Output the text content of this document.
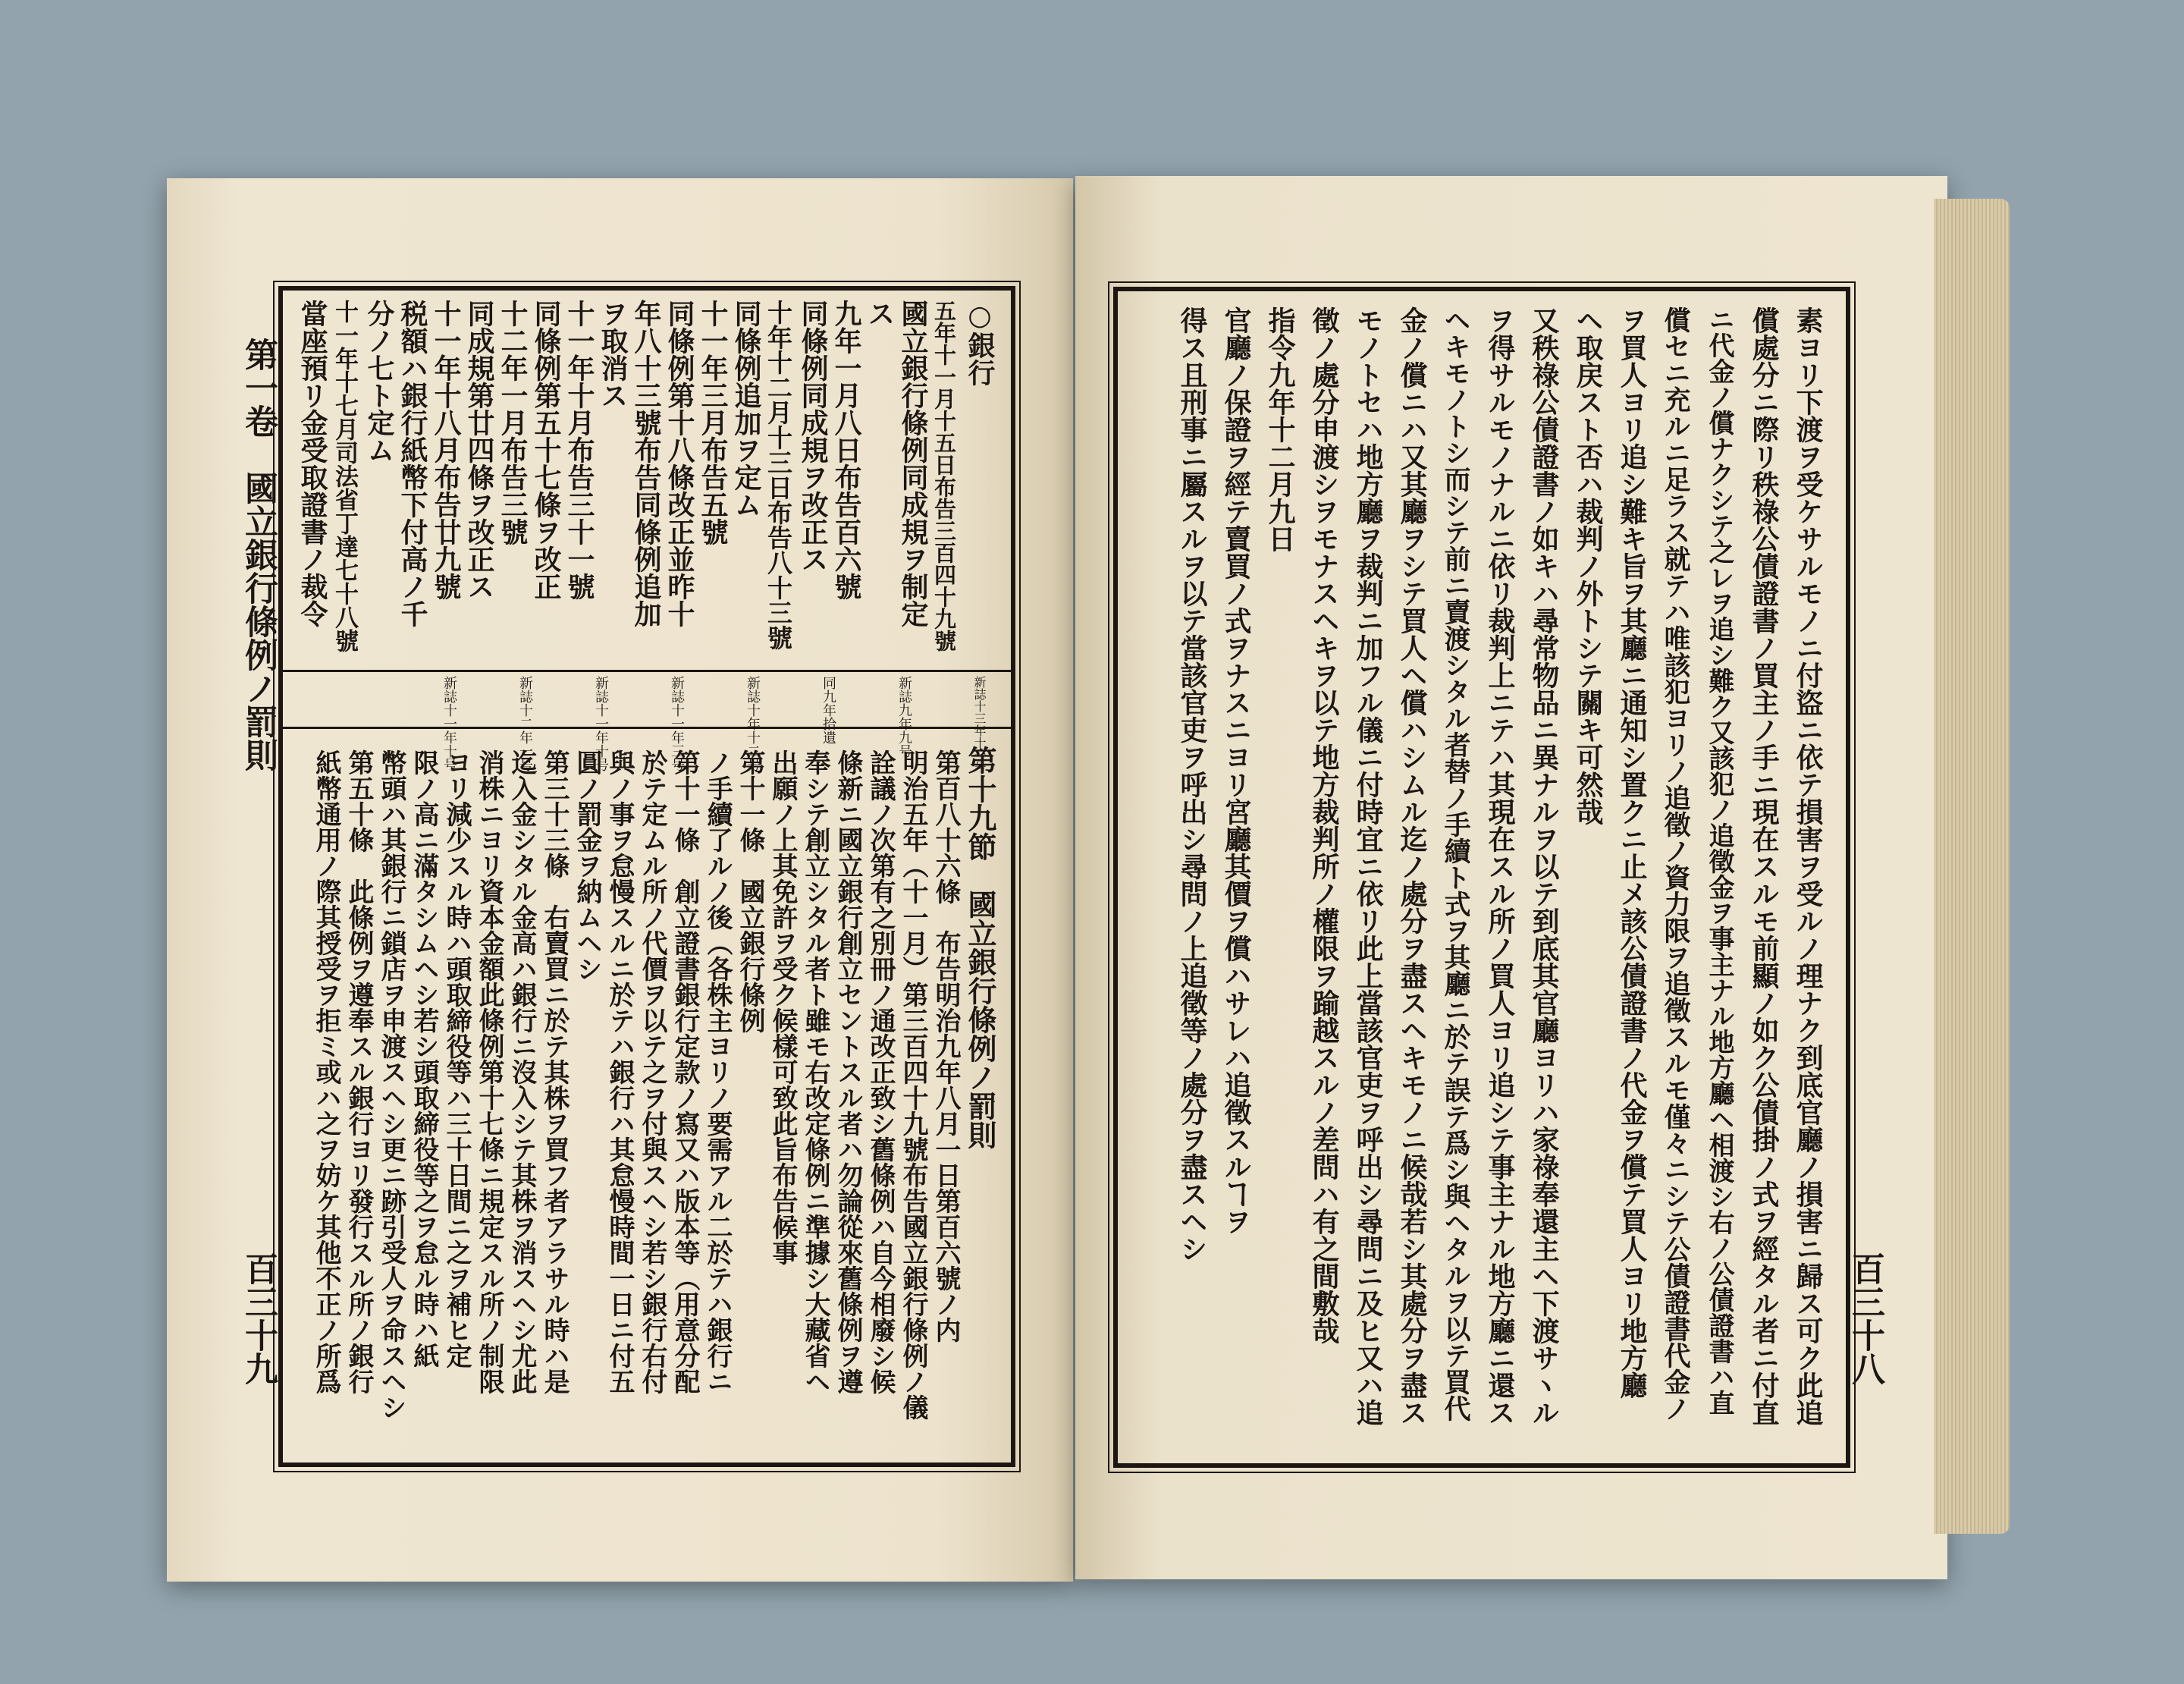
第一卷　國立銀行條例ノ罰則
百三十九
○銀行
五年十一月十五日布告三百四十九號
國立銀行條例同成規ヲ制定
ス
九年一月八日布告百六號
同條例同成規ヲ改正ス
十年十二月十三日布告八十三號
同條例追加ヲ定ム
十一年三月布告五號
同條例第十八條改正並昨十
年八十三號布告同條例追加
ヲ取消ス
十一年十月布告三十一號
同條例第五十七條ヲ改正
十二年一月布告三號
同成規第廿四條ヲ改正ス
十一年十八月布告廿九號
税額ハ銀行紙幣下付高ノ千
分ノ七ト定ム
十一年十七月司法省丁達七十八號
當座預リ金受取證書ノ裁令
新誌十三年十一号
新誌九年九号
同九年拾遺
新誌十年十二号
新誌十一年三号
新誌十一年十号
新誌十二年一号
新誌十一年十号
第十九節　國立銀行條例ノ罰則
第百八十六條　布告明治九年八月一日第百六號ノ内
明治五年（十一月）第三百四十九號布告國立銀行條例ノ儀
詮議ノ次第有之別冊ノ通改正致シ舊條例ハ自今相廢シ候
條新ニ國立銀行創立セントスル者ハ勿論從來舊條例ヲ遵
奉シテ創立シタル者ト雖モ右改定條例ニ準據シ大藏省ヘ
出願ノ上其免許ヲ受ク候樣可致此旨布告候事
第十一條　國立銀行條例
ノ手續了ルノ後（各株主ヨリノ要需アル二於テハ銀行ニ
第十一條　創立證書銀行定款ノ寫又ハ版本等（用意分配
於テ定ムル所ノ代價ヲ以テ之ヲ付與スヘシ若シ銀行右付
與ノ事ヲ怠慢スルニ於テハ銀行ハ其怠慢時間一日ニ付五
圓ノ罰金ヲ納ムヘシ
第三十三條　右賣買ニ於テ其株ヲ買フ者アラサル時ハ是
迄入金シタル金高ハ銀行ニ沒入シテ其株ヲ消スヘシ尤此
消株ニヨリ資本金額此條例第十七條ニ規定スル所ノ制限
ヨリ減少スル時ハ頭取締役等ハ三十日間ニ之ヲ補ヒ定
限ノ高ニ滿タシムヘシ若シ頭取締役等之ヲ怠ル時ハ紙
幣頭ハ其銀行ニ鎖店ヲ申渡スヘシ更ニ跡引受人ヲ命スヘシ
第五十條　此條例ヲ遵奉スル銀行ヨリ發行スル所ノ銀行
紙幣通用ノ際其授受ヲ拒ミ或ハ之ヲ妨ケ其他不正ノ所爲	百三十八
素ヨリ下渡ヲ受ケサルモノニ付盜ニ依テ損害ヲ受ルノ理ナク到底官廳ノ損害ニ歸ス可ク此追
償處分ニ際リ秩祿公債證書ノ買主ノ手ニ現在スルモ前顯ノ如ク公債掛ノ式ヲ經タル者ニ付直
ニ代金ノ償ナクシテ之レヲ追シ難ク又該犯ノ追徵金ヲ事主ナル地方廳ヘ相渡シ右ノ公債證書ハ直
償セニ充ルニ足ラス就テハ唯該犯ヨリノ追徵ノ資力限ヲ追徵スルモ僅々ニシテ公債證書代金ノ
ヲ買人ヨリ追シ難キ旨ヲ其廳ニ通知シ置クニ止メ該公債證書ノ代金ヲ償テ買人ヨリ地方廳
ヘ取戻スト否ハ裁判ノ外トシテ關キ可然哉
又秩祿公債證書ノ如キハ尋常物品ニ異ナルヲ以テ到底其官廳ヨリハ家祿奉還主ヘ下渡サヽル
ヲ得サルモノナルニ依リ裁判上ニテハ其現在スル所ノ買人ヨリ追シテ事主ナル地方廳ニ還ス
ヘキモノトシ而シテ前ニ賣渡シタル者替ノ手續ト式ヲ其廳ニ於テ誤テ爲シ與ヘタルヲ以テ買代
金ノ償ニハ又其廳ヲシテ買人ヘ償ハシムル迄ノ處分ヲ盡スヘキモノニ候哉若シ其處分ヲ盡ス
モノトセハ地方廳ヲ裁判ニ加フル儀ニ付時宜ニ依リ此上當該官吏ヲ呼出シ尋問ニ及ヒ又ハ追
徵ノ處分申渡シヲモナスヘキヲ以テ地方裁判所ノ權限ヲ踰越スルノ差問ハ有之間敷哉
指令九年十二月九日
官廳ノ保證ヲ經テ賣買ノ式ヲナスニヨリ宮廳其價ヲ償ハサレハ追徵スルヿヲ
得ス且刑事ニ屬スルヲ以テ當該官吏ヲ呼出シ尋問ノ上追徵等ノ處分ヲ盡スヘシ
